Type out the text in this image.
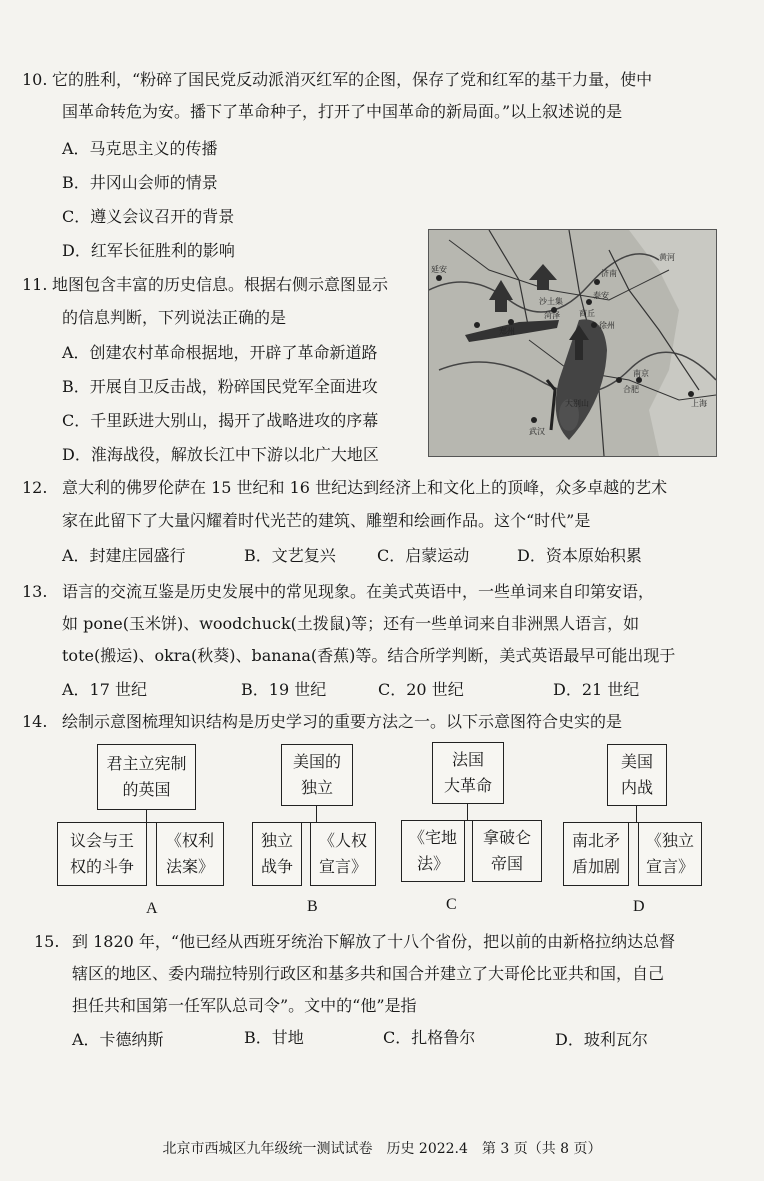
10. 它的胜利，“粉碎了国民党反动派消灭红军的企图，保存了党和红军的基干力量，使中
国革命转危为安。播下了革命种子，打开了中国革命的新局面。”以上叙述说的是
A．马克思主义的传播
B．井冈山会师的情景
C．遵义会议召开的背景
D．红军长征胜利的影响
11. 地图包含丰富的历史信息。根据右侧示意图显示
的信息判断，下列说法正确的是
A．创建农村革命根据地，开辟了革命新道路
B．开展自卫反击战，粉碎国民党军全面进攻
C．千里跃进大别山，揭开了战略进攻的序幕
D．淮海战役，解放长江中下游以北广大地区
延安	济南
泰安
沙土集
菏泽
徐州
郑州
商丘
黄河
合肥
南京
上海
武汉
大别山
12. 意大利的佛罗伦萨在 15 世纪和 16 世纪达到经济上和文化上的顶峰，众多卓越的艺术
家在此留下了大量闪耀着时代光芒的建筑、雕塑和绘画作品。这个“时代”是
A．封建庄园盛行	B．文艺复兴	C．启蒙运动	D．资本原始积累
13. 语言的交流互鉴是历史发展中的常见现象。在美式英语中，一些单词来自印第安语，
如 pone(玉米饼)、woodchuck(土拨鼠)等；还有一些单词来自非洲黑人语言，如
tote(搬运)、okra(秋葵)、banana(香蕉)等。结合所学判断，美式英语最早可能出现于
A．17 世纪	B．19 世纪	C．20 世纪	D．21 世纪
14. 绘制示意图梳理知识结构是历史学习的重要方法之一。以下示意图符合史实的是
君主立宪制
的英国
议会与王
权的斗争
《权利
法案》
A
美国的
独立
独立
战争
《人权
宣言》
B
法国
大革命
《宅地
法》
拿破仑
帝国
C
美国
内战
南北矛
盾加剧
《独立
宣言》
D
15. 到 1820 年，“他已经从西班牙统治下解放了十八个省份，把以前的由新格拉纳达总督
辖区的地区、委内瑞拉特别行政区和基多共和国合并建立了大哥伦比亚共和国，自己
担任共和国第一任军队总司令”。文中的“他”是指
A．卡德纳斯	B．甘地	C．扎格鲁尔	D．玻利瓦尔
北京市西城区九年级统一测试试卷　历史 2022.4　第 3 页（共 8 页）
